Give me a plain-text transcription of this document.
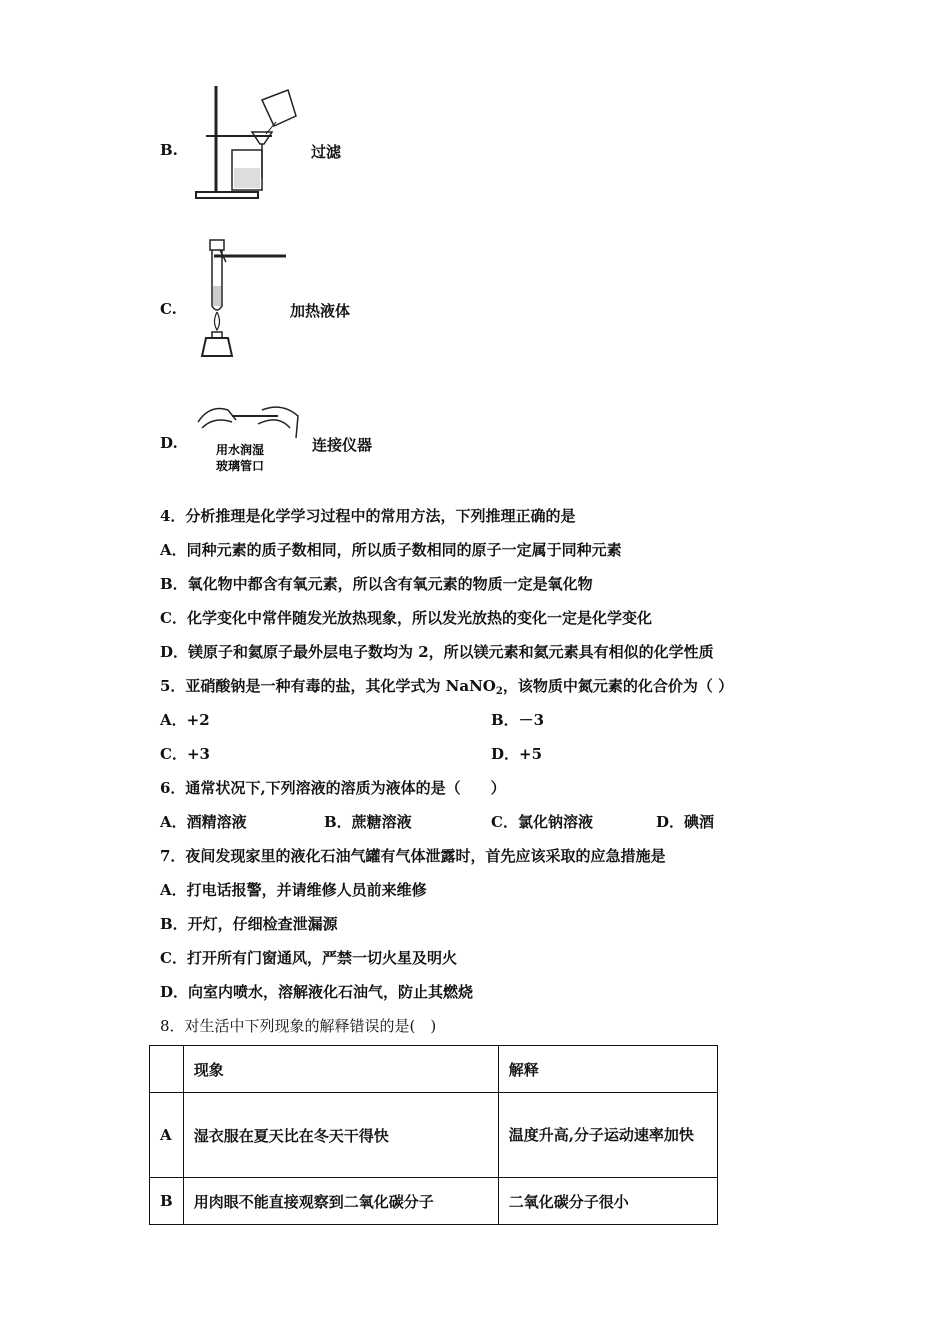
B.	过滤
C.	加热液体
D.	用水润湿
玻璃管口
连接仪器
4．分析推理是化学学习过程中的常用方法，下列推理正确的是
A．同种元素的质子数相同，所以质子数相同的原子一定属于同种元素
B．氧化物中都含有氧元素，所以含有氧元素的物质一定是氧化物
C．化学变化中常伴随发光放热现象，所以发光放热的变化一定是化学变化
D．镁原子和氦原子最外层电子数均为 2，所以镁元素和氦元素具有相似的化学性质
5．亚硝酸钠是一种有毒的盐，其化学式为 NaNO$_2$，该物质中氮元素的化合价为（ ）
A．+2	B．－3
C．+3	D．+5
6．通常状况下,下列溶液的溶质为液体的是（　　）
A．酒精溶液	B．蔗糖溶液	C．氯化钠溶液	D．碘酒
7．夜间发现家里的液化石油气罐有气体泄露时，首先应该采取的应急措施是
A．打电话报警，并请维修人员前来维修
B．开灯，仔细检查泄漏源
C．打开所有门窗通风，严禁一切火星及明火
D．向室内喷水，溶解液化石油气，防止其燃烧
8．对生活中下列现象的解释错误的是(　)
	现象	解释
A	湿衣服在夏天比在冬天干得快	温度升高,分子运动速率加快
B	用肉眼不能直接观察到二氧化碳分子	二氧化碳分子很小
